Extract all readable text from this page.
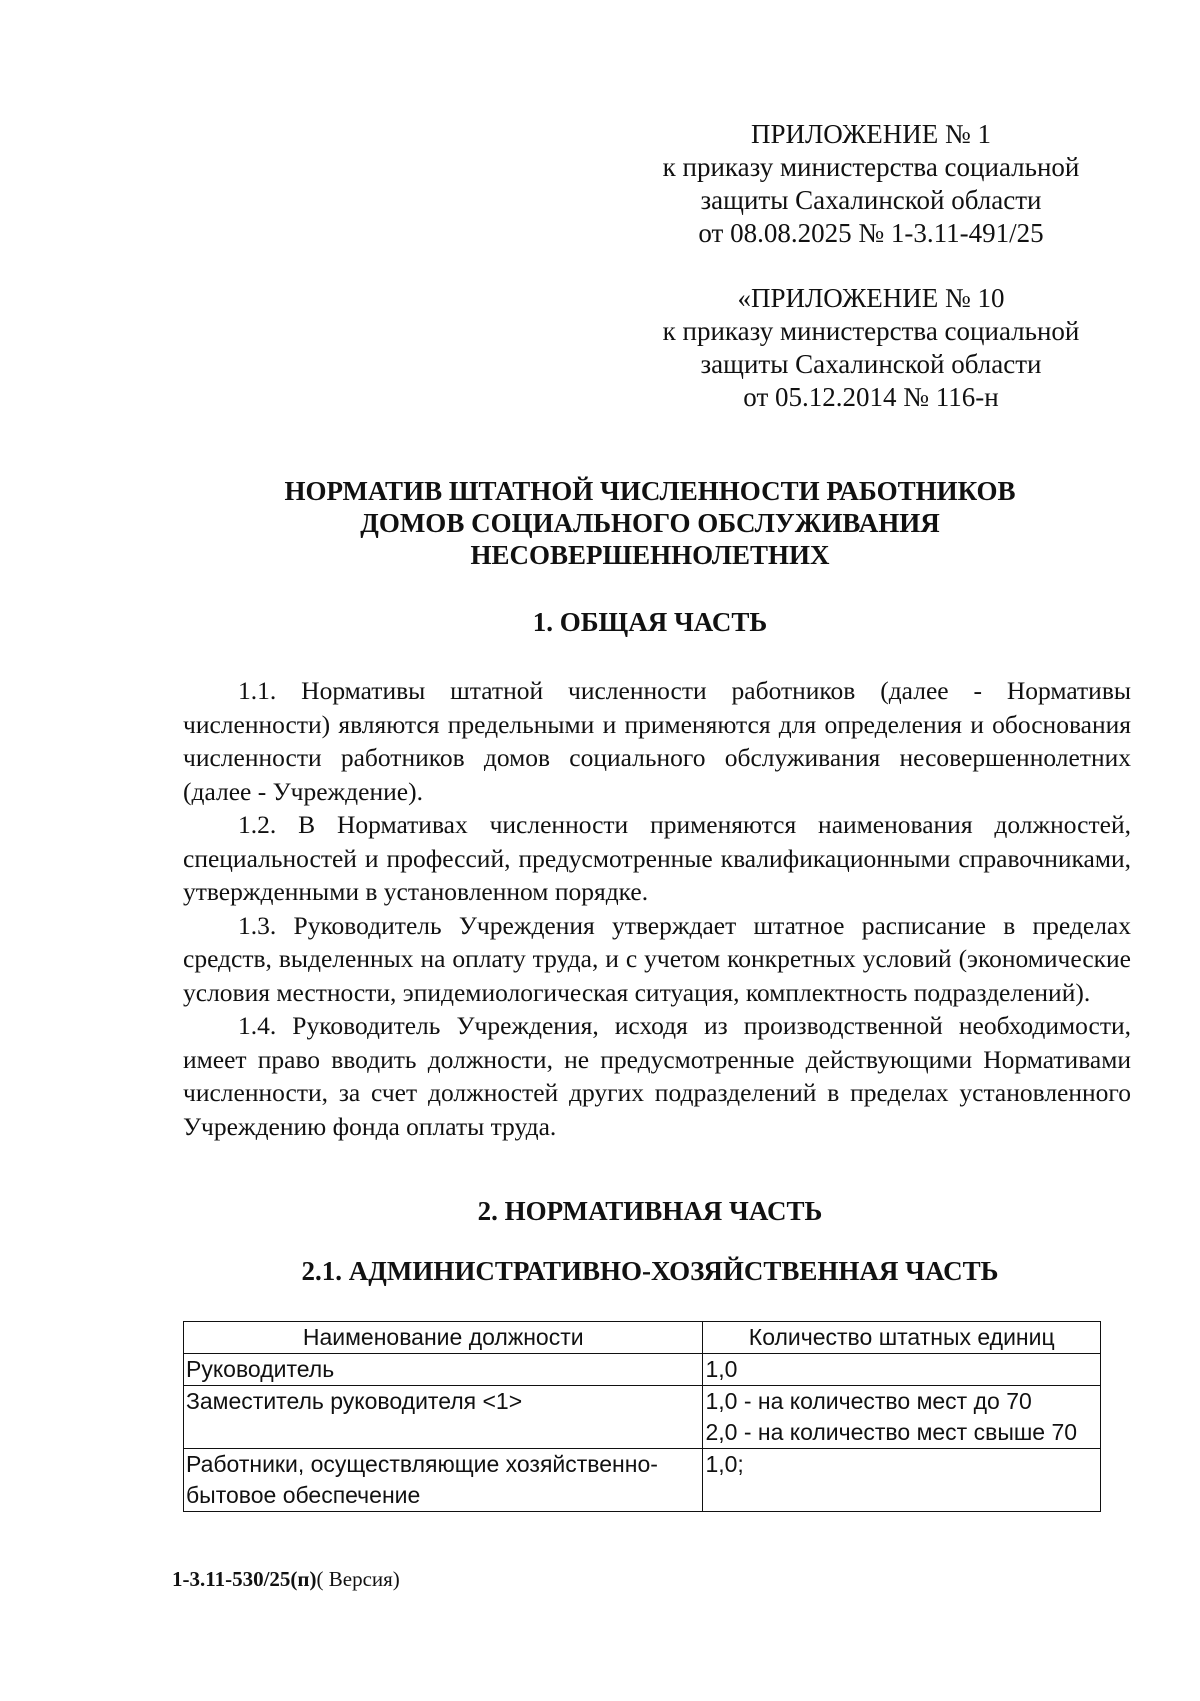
ПРИЛОЖЕНИЕ № 1
к приказу министерства социальной
защиты Сахалинской области
от 08.08.2025 № 1-3.11-491/25
«ПРИЛОЖЕНИЕ № 10
к приказу министерства социальной
защиты Сахалинской области
от 05.12.2014 № 116-н
НОРМАТИВ ШТАТНОЙ ЧИСЛЕННОСТИ РАБОТНИКОВ
ДОМОВ СОЦИАЛЬНОГО ОБСЛУЖИВАНИЯ
НЕСОВЕРШЕННОЛЕТНИХ
1. ОБЩАЯ ЧАСТЬ

1.1. Нормативы штатной численности работников (далее - Нормативы численности) являются предельными и применяются для определения и обоснования численности работников домов социального обслуживания несовершеннолетних (далее - Учреждение).

1.2. В Нормативах численности применяются наименования должностей, специальностей и профессий, предусмотренные квалификационными справочниками, утвержденными в установленном порядке.

1.3. Руководитель Учреждения утверждает штатное расписание в пределах средств, выделенных на оплату труда, и с учетом конкретных условий (экономические условия местности, эпидемиологическая ситуация, комплектность подразделений).

1.4. Руководитель Учреждения, исходя из производственной необходимости, имеет право вводить должности, не предусмотренные действующими Нормативами численности, за счет должностей других подразделений в пределах установленного Учреждению фонда оплаты труда.

2. НОРМАТИВНАЯ ЧАСТЬ
2.1. АДМИНИСТРАТИВНО-ХОЗЯЙСТВЕННАЯ ЧАСТЬ
Наименование должности	Количество штатных единиц
Руководитель	1,0

Заместитель руководителя <1>	1,0 - на количество мест до 70
2,0 - на количество мест свыше 70

Работники, осуществляющие хозяйственно-бытовое обеспечение	1,0;
1-3.11-530/25(п)( Версия)
